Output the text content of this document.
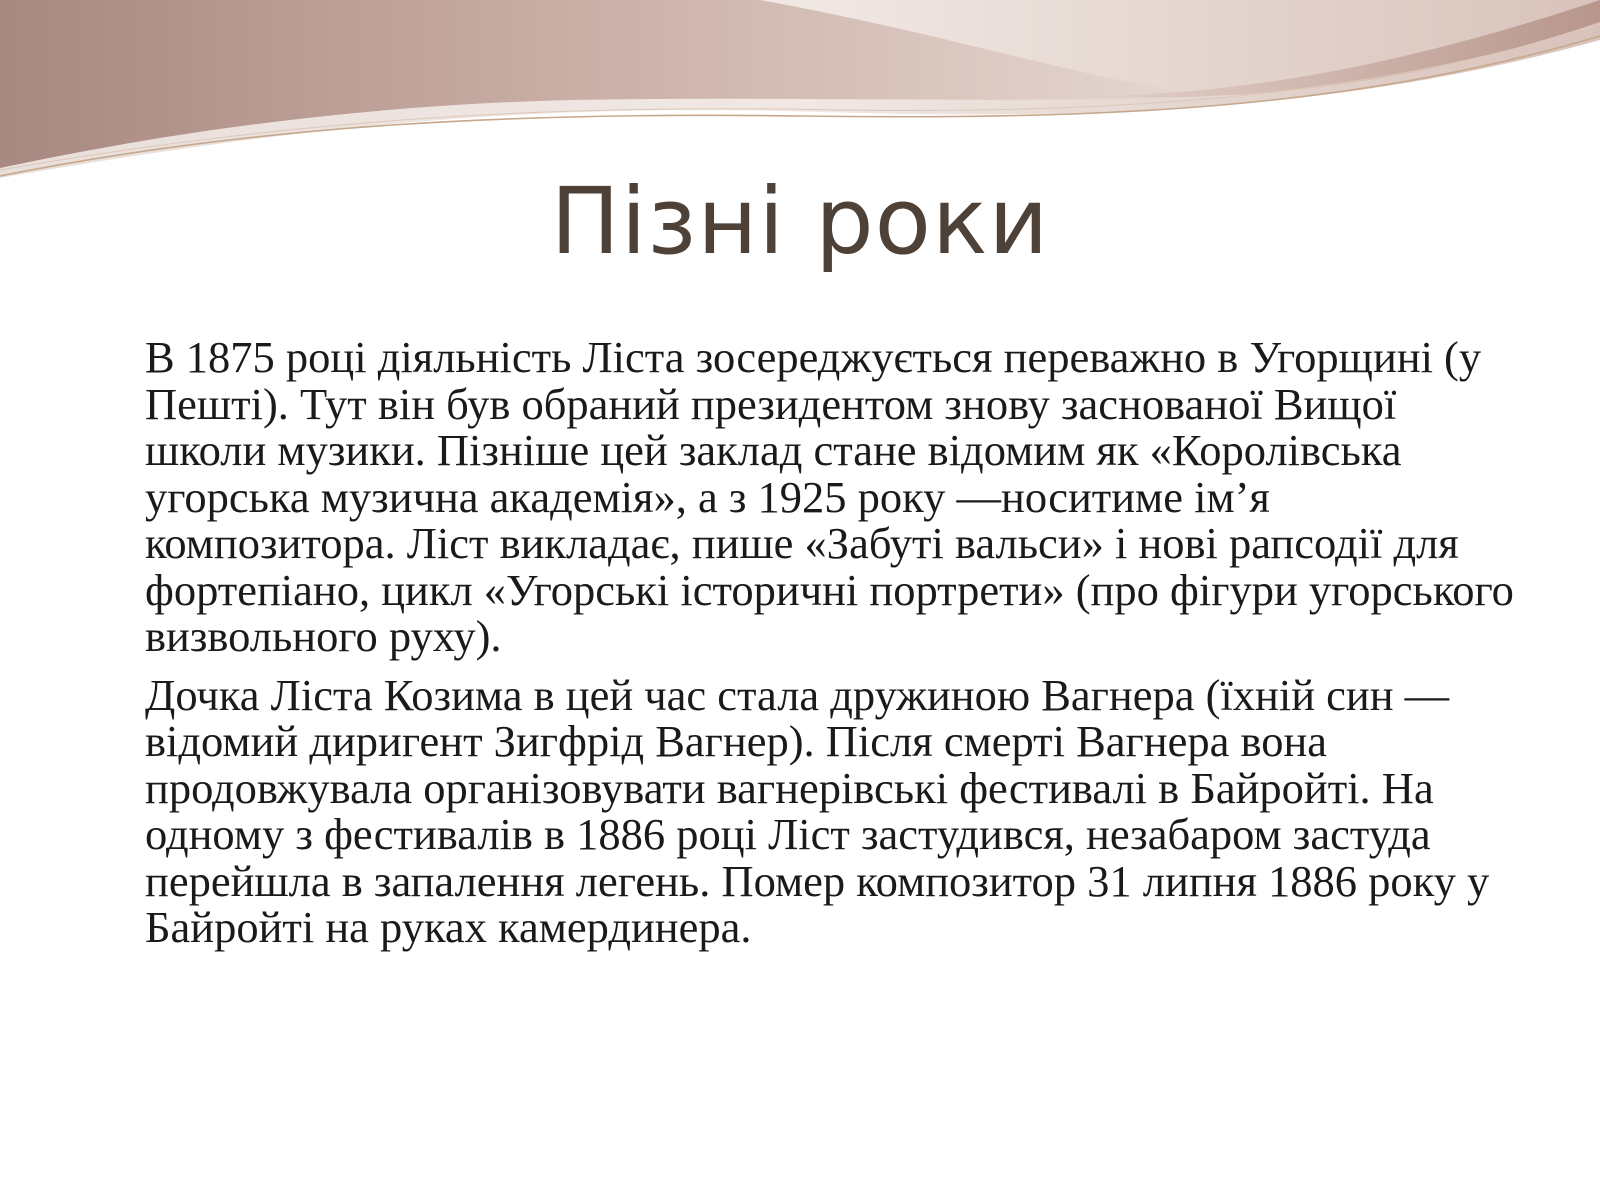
Пізні роки

В 1875 році діяльність Ліста зосереджується переважно в Угорщині (у Пешті). Тут він був обраний президентом знову заснованої Вищої школи музики. Пізніше цей заклад стане відомим як «Королівська угорська музична академія», а з 1925 року —носитиме ім’я композитора. Ліст викладає, пише «Забуті вальси» і нові рапсодії для фортепіано, цикл «Угорські історичні портрети» (про фігури угорського визвольного руху).

Дочка Ліста Козима в цей час стала дружиною Вагнера (їхній син — відомий диригент Зигфрід Вагнер). Після смерті Вагнера вона продовжувала організовувати вагнерівські фестивалі в Байройті. На одному з фестивалів в 1886 році Ліст застудився, незабаром застуда перейшла в запалення легень. Помер композитор 31 липня 1886 року у Байройті на руках камердинера.
